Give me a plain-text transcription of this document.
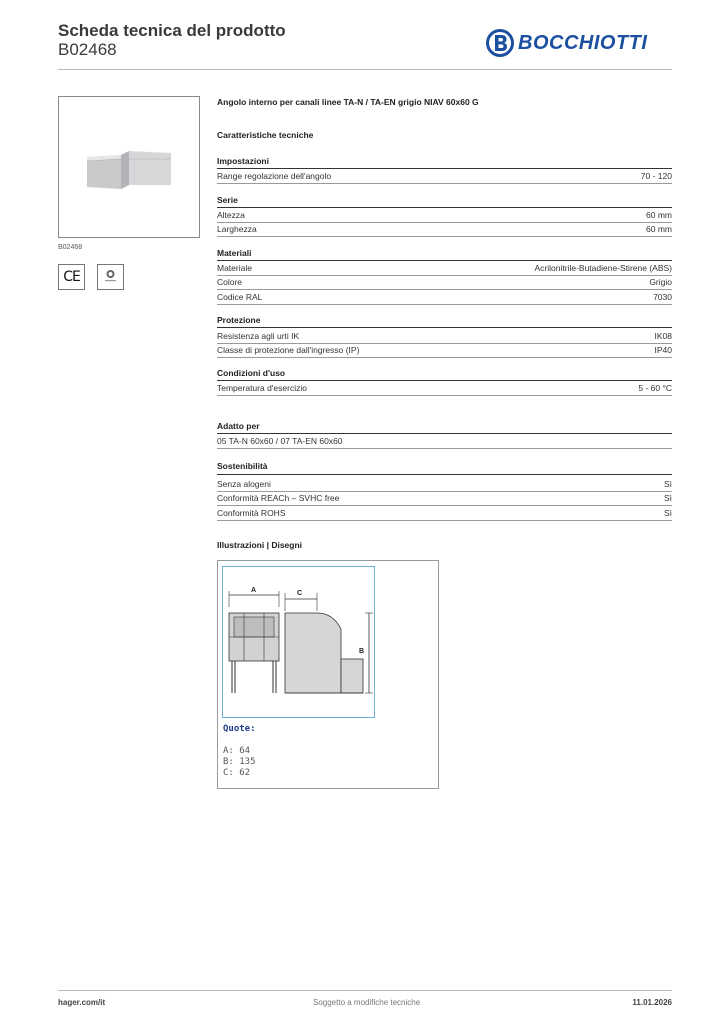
Scheda tecnica del prodotto
B02468	BOCCHIOTTI
B02468
CE
Angolo interno per canali linee TA-N / TA-EN grigio NIAV 60x60 G
Caratteristiche tecniche
Impostazioni
Range regolazione dell'angolo	70 - 120
Serie
Altezza	60 mm
Larghezza	60 mm
Materiali
Materiale	Acrilonitrile-Butadiene-Stirene (ABS)
Colore	Grigio
Codice RAL	7030
Protezione
Resistenza agli urti IK	IK08
Classe di protezione dall'ingresso (IP)	IP40
Condizioni d'uso
Temperatura d'esercizio	5 - 60 °C
Adatto per
05 TA-N 60x60 / 07 TA-EN 60x60
Sostenibilità
Senza alogeni	Sì
Conformità REACh – SVHC free	Sì
Conformità ROHS	Sì
Illustrazioni | Disegni
A	C
B
Quote:
A: 64
B: 135
C: 62
hager.com/it	Soggetto a modifiche tecniche	11.01.2026
